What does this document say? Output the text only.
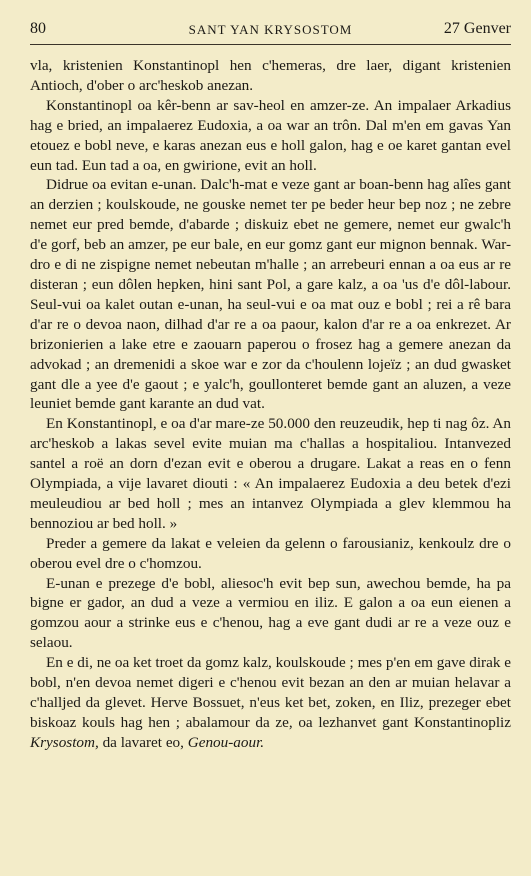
80	SANT YAN KRYSOSTOM	27 Genver

vla, kristenien Konstantinopl hen c'hemeras, dre laer, digant kristenien Antioch, d'ober o arc'heskob anezan.

Konstantinopl oa kêr-benn ar sav-heol en amzer-ze. An impalaer Arkadius hag e bried, an impalaerez Eudoxia, a oa war an trôn. Dal m'en em gavas Yan etouez e bobl neve, e karas anezan eus e holl galon, hag e oe karet gantan evel eun tad. Eun tad a oa, en gwirione, evit an holl.

Didrue oa evitan e-unan. Dalc'h-mat e veze gant ar boan-benn hag alîes gant an derzien ; koulskoude, ne gouske nemet ter pe beder heur bep noz ; ne zebre nemet eur pred bemde, d'abarde ; diskuiz ebet ne gemere, nemet eur gwalc'h d'e gorf, beb an amzer, pe eur bale, en eur gomz gant eur mignon bennak. War-dro e di ne zispigne nemet nebeutan m'halle ; an arrebeuri ennan a oa eus ar re disteran ; eun dôlen hepken, hini sant Pol, a gare kalz, a oa 'us d'e dôl-labour. Seul-vui oa kalet outan e-unan, ha seul-vui e oa mat ouz e bobl ; rei a rê bara d'ar re o devoa naon, dilhad d'ar re a oa paour, kalon d'ar re a oa enkrezet. Ar brizonierien a lake etre e zaouarn paperou o frosez hag a gemere anezan da advokad ; an dremenidi a skoe war e zor da c'houlenn lojeïz ; an dud gwasket gant dle a yee d'e gaout ; e yalc'h, goullonteret bemde gant an aluzen, a veze leuniet bemde gant karante an dud vat.

En Konstantinopl, e oa d'ar mare-ze 50.000 den reuzeudik, hep ti nag ôz. An arc'heskob a lakas sevel evite muian ma c'hallas a hospitaliou. Intanvezed santel a roë an dorn d'ezan evit e oberou a drugare. Lakat a reas en o fenn Olympiada, a vije lavaret diouti : « An impalaerez Eudoxia a deu betek d'ezi meuleudiou ar bed holl ; mes an intanvez Olympiada a glev klemmou ha bennoziou ar bed holl. »

Preder a gemere da lakat e veleien da gelenn o farousianiz, kenkoulz dre o oberou evel dre o c'homzou.

E-unan e prezege d'e bobl, aliesoc'h evit bep sun, awechou bemde, ha pa bigne er gador, an dud a veze a vermiou en iliz. E galon a oa eun eienen a gomzou aour a strinke eus e c'henou, hag a eve gant dudi ar re a veze ouz e selaou.

En e di, ne oa ket troet da gomz kalz, koulskoude ; mes p'en em gave dirak e bobl, n'en devoa nemet digeri e c'henou evit bezan an den ar muian helavar a c'halljed da glevet. Herve Bossuet, n'eus ket bet, zoken, en Iliz, prezeger ebet biskoaz kouls hag hen ; abalamour da ze, oa lezhanvet gant Konstantinopliz Krysostom, da lavaret eo, Genou-aour.
